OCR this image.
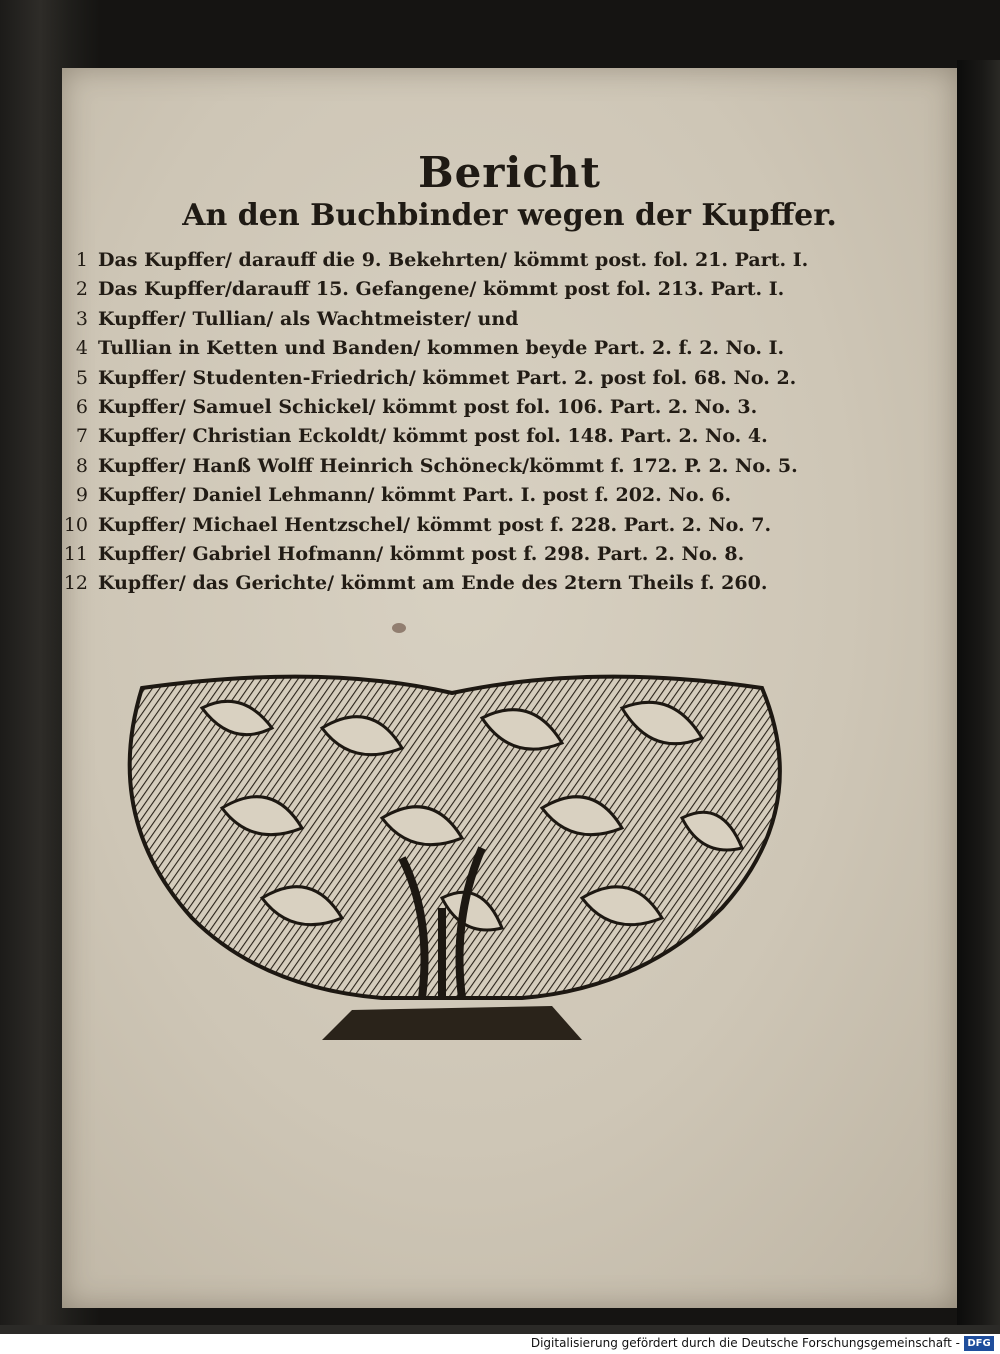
Bericht
An den Buchbinder wegen der Kupffer.
1 Das Kupffer/ darauff die 9. Bekehrten/ kömmt post. fol. 21. Part. I.
2 Das Kupffer/darauff 15. Gefangene/ kömmt post fol. 213. Part. I.
3 Kupffer/ Tullian/ als Wachtmeister/ und
4 Tullian in Ketten und Banden/ kommen beyde Part. 2. f. 2. No. I.
5 Kupffer/ Studenten-Friedrich/ kömmet Part. 2. post fol. 68. No. 2.
6 Kupffer/ Samuel Schickel/ kömmt post fol. 106. Part. 2. No. 3.
7 Kupffer/ Christian Eckoldt/ kömmt post fol. 148. Part. 2. No. 4.
8 Kupffer/ Hanß Wolff Heinrich Schöneck/kömmt f. 172. P. 2. No. 5.
9 Kupffer/ Daniel Lehmann/ kömmt Part. I. post f. 202. No. 6.
10 Kupffer/ Michael Hentzschel/ kömmt post f. 228. Part. 2. No. 7.
11 Kupffer/ Gabriel Hofmann/ kömmt post f. 298. Part. 2. No. 8.
12 Kupffer/ das Gerichte/ kömmt am Ende des 2tern Theils f. 260.
Digitalisierung gefördert durch die Deutsche Forschungsgemeinschaft - DFG
